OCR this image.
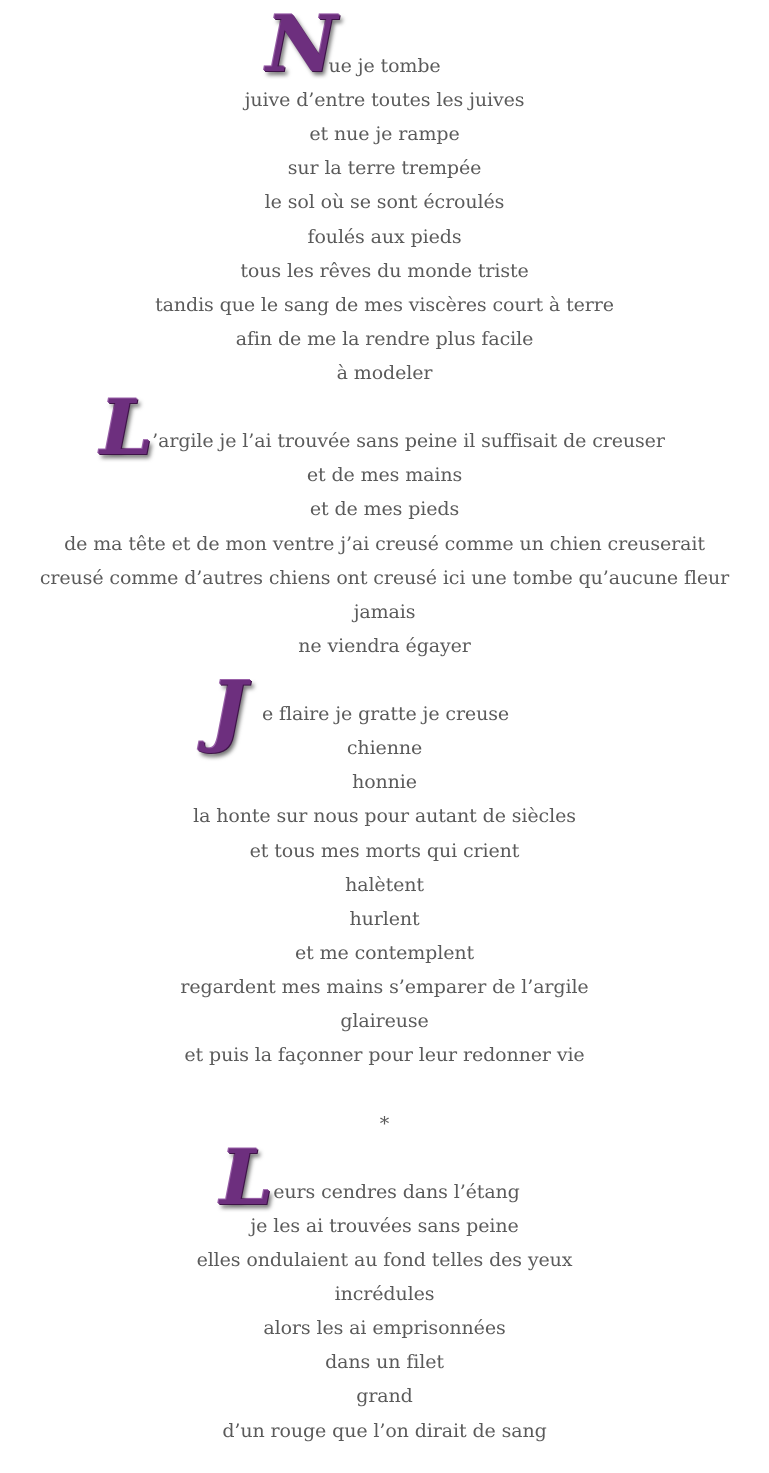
N
ue je tombe
juive d’entre toutes les juives
et nue je rampe
sur la terre trempée
le sol où se sont écroulés
foulés aux pieds
tous les rêves du monde triste
tandis que le sang de mes viscères court à terre
afin de me la rendre plus facile
à modeler
L
’argile je l’ai trouvée sans peine il suffisait de creuser
et de mes mains
et de mes pieds
de ma tête et de mon ventre j’ai creusé comme un chien creuserait
creusé comme d’autres chiens ont creusé ici une tombe qu’aucune fleur
jamais
ne viendra égayer
J e flaire je gratte je creuse
chienne
honnie
la honte sur nous pour autant de siècles
et tous mes morts qui crient
halètent
hurlent
et me contemplent
regardent mes mains s’emparer de l’argile
glaireuse
et puis la façonner pour leur redonner vie
*
L eurs cendres dans l’étang
je les ai trouvées sans peine
elles ondulaient au fond telles des yeux
incrédules
alors les ai emprisonnées
dans un filet
grand
d’un rouge que l’on dirait de sang
